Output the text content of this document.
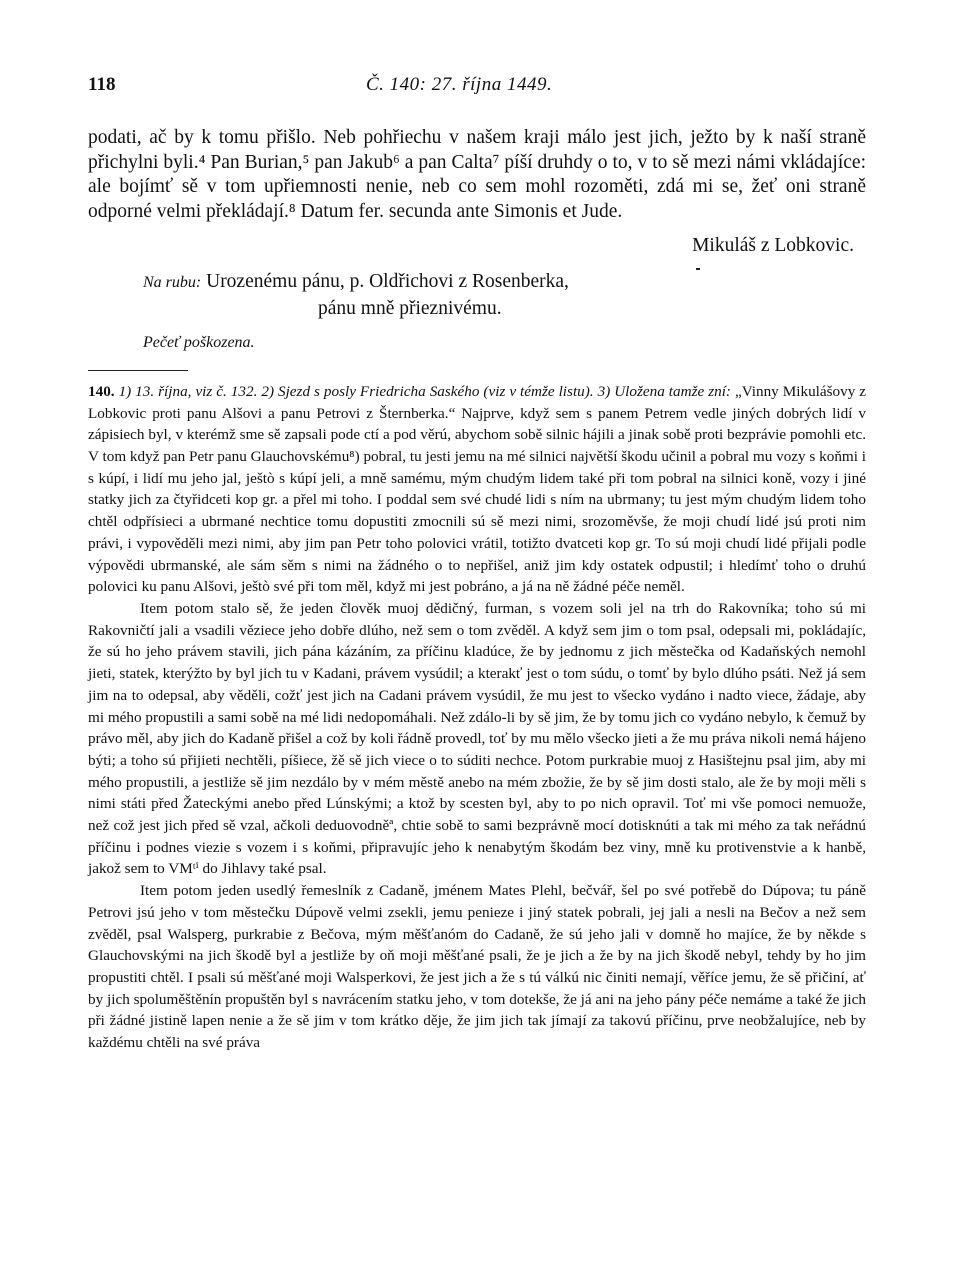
118	Č. 140: 27. října 1449.

podati, ač by k tomu přišlo. Neb pohřiechu v našem kraji málo jest jich, ježto by k naší straně přichylni byli.⁴ Pan Burian,⁵ pan Jakub⁶ a pan Calta⁷ píší druhdy o to, v to sě mezi námi vkládajíce: ale bojímť sě v tom upřiemnosti nenie, neb co sem mohl rozoměti, zdá mi se, žeť oni straně odporné velmi překládají.⁸ Datum fer. secunda ante Simonis et Jude.

Mikuláš z Lobkovic.
Na rubu: Urozenému pánu, p. Oldřichovi z Rosenberka,
pánu mně přieznivému.
Pečeť poškozena.

140. 1) 13. října, viz č. 132. 2) Sjezd s posly Friedricha Saského (viz v témže listu). 3) Uložena tamže zní: „Vinny Mikulášovy z Lobkovic proti panu Alšovi a panu Petrovi z Šternberka.“ Najprve, když sem s panem Petrem vedle jiných dobrých lidí v zápisiech byl, v kterémž sme sě zapsali pode ctí a pod věrú, abychom sobě silnic hájili a jinak sobě proti bezprávie pomohli etc. V tom když pan Petr panu Glauchovskému⁸) pobral, tu jesti jemu na mé silnici najvětší škodu učinil a pobral mu vozy s koňmi i s kúpí, i lidí mu jeho jal, ještò s kúpí jeli, a mně samému, mým chudým lidem také při tom pobral na silnici koně, vozy i jiné statky jich za čtyřidceti kop gr. a přel mi toho. I poddal sem své chudé lidi s ním na ubrmany; tu jest mým chudým lidem toho chtěl odpřísieci a ubrmané nechtice tomu dopustiti zmocnili sú sě mezi nimi, srozoměvše, že moji chudí lidé jsú proti nim právi, i vypověděli mezi nimi, aby jim pan Petr toho polovici vrátil, totižto dvatceti kop gr. To sú moji chudí lidé přijali podle výpovědi ubrmanské, ale sám sěm s nimi na žádného o to nepřišel, aniž jim kdy ostatek odpustil; i hledímť toho o druhú polovici ku panu Alšovi, ještò své při tom měl, když mi jest pobráno, a já na ně žádné péče neměl.

Item potom stalo sě, že jeden člověk muoj dědičný, furman, s vozem soli jel na trh do Rakovníka; toho sú mi Rakovničtí jali a vsadili věziece jeho dobře dlúho, než sem o tom zvěděl. A když sem jim o tom psal, odepsali mi, pokládajíc, že sú ho jeho právem stavili, jich pána kázáním, za příčinu kladúce, že by jednomu z jich městečka od Kadaňských nemohl jieti, statek, kterýžto by byl jich tu v Kadani, právem vysúdil; a kterakť jest o tom súdu, o tomť by bylo dlúho psáti. Než já sem jim na to odepsal, aby věděli, cožť jest jich na Cadani právem vysúdil, že mu jest to všecko vydáno i nadto viece, žádaje, aby mi mého propustili a sami sobě na mé lidi nedopomáhali. Než zdálo-li by sě jim, že by tomu jich co vydáno nebylo, k čemuž by právo měl, aby jich do Kadaně přišel a což by koli řádně provedl, toť by mu mělo všecko jieti a že mu práva nikoli nemá hájeno býti; a toho sú přijieti nechtěli, píšiece, žě sě jich viece o to súditi nechce. Potom purkrabie muoj z Hasištejnu psal jim, aby mi mého propustili, a jestliže sě jim nezdálo by v mém městě anebo na mém zbožie, že by sě jim dosti stalo, ale že by moji měli s nimi státi před Žateckými anebo před Lúnskými; a ktož by scesten byl, aby to po nich opravil. Toť mi vše pomoci nemuože, než což jest jich před sě vzal, ačkoli deduovodněª, chtie sobě to sami bezprávně mocí dotisknúti a tak mi mého za tak neřádnú příčinu i podnes viezie s vozem i s koňmi, připravujíc jeho k nenabytým škodám bez viny, mně ku protivenstvie a k hanbě, jakož sem to VMᵗⁱ do Jihlavy také psal.

Item potom jeden usedlý řemeslník z Cadaně, jménem Mates Plehl, bečvář, šel po své potřebě do Dúpova; tu páně Petrovi jsú jeho v tom městečku Dúpově velmi zsekli, jemu penieze i jiný statek pobrali, jej jali a nesli na Bečov a než sem zvěděl, psal Walsperg, purkrabie z Bečova, mým měšťanóm do Cadaně, že sú jeho jali v domně ho majíce, že by někde s Glauchovskými na jich škodě byl a jestliže by oň moji měšťané psali, že je jich a že by na jich škodě nebyl, tehdy by ho jim propustiti chtěl. I psali sú měšťané moji Walsperkovi, že jest jich a že s tú válkú nic činiti nemají, věříce jemu, že sě přičiní, ať by jich spoluměštěnín propuštěn byl s navrácením statku jeho, v tom dotekše, že já ani na jeho pány péče nemáme a také že jich při žádné jistině lapen nenie a že sě jim v tom krátko děje, že jim jich tak jímají za takovú příčinu, prve neobžalujíce, neb by každému chtěli na své práva
